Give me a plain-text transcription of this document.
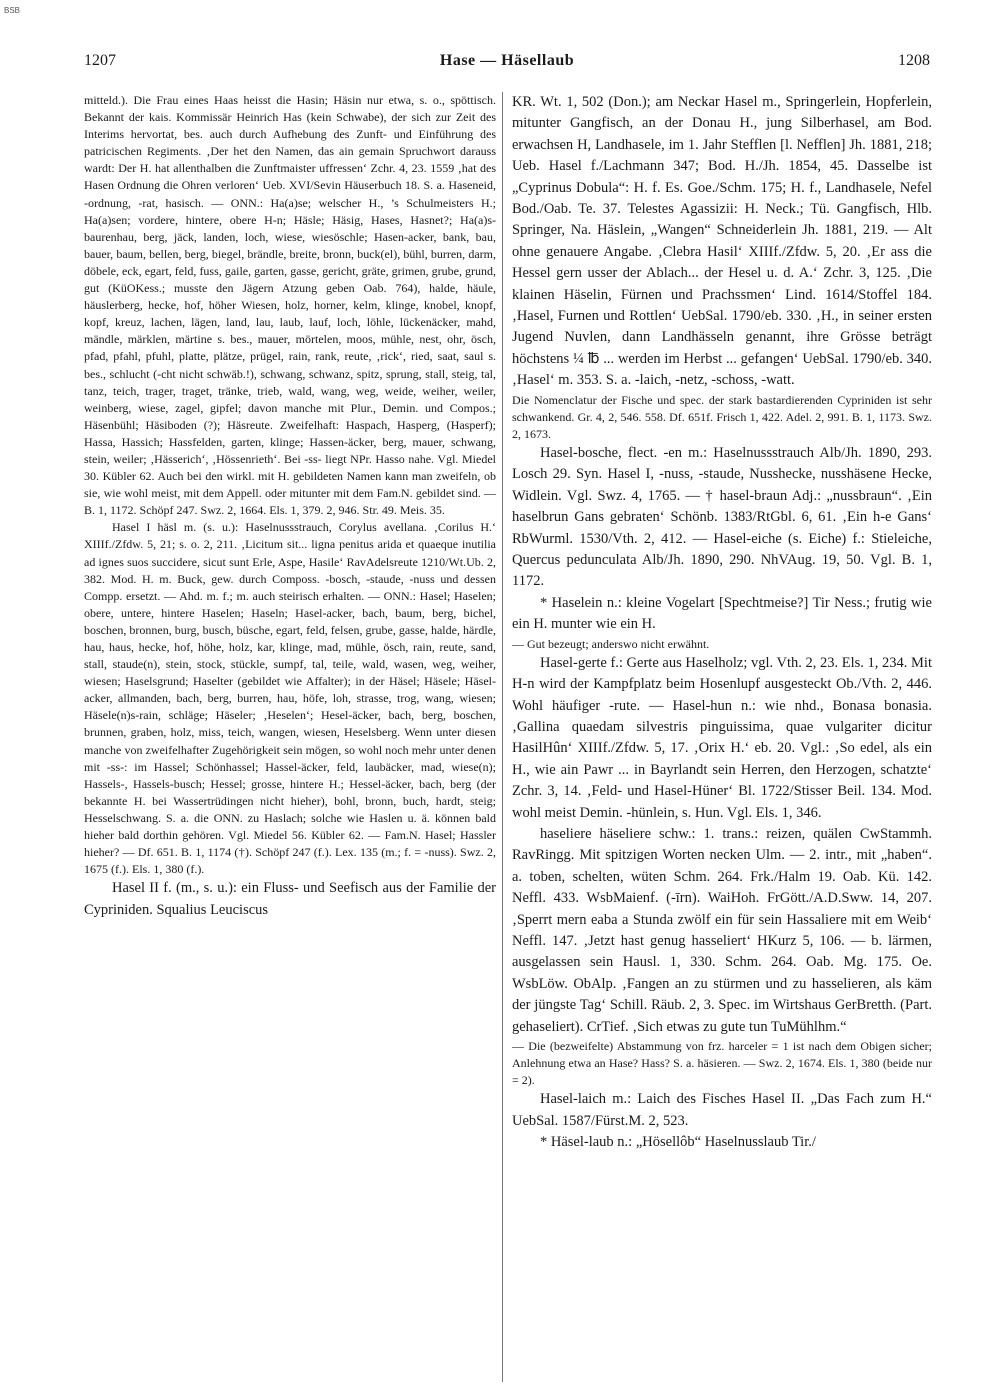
BSB
1207	Hase — Häsellaub	1208

mitteld.). Die Frau eines Haas heisst die Hasin; Häsin nur etwa, s. o., spöttisch. Bekannt der kais. Kommissär Heinrich Has (kein Schwabe), der sich zur Zeit des Interims hervortat, bes. auch durch Aufhebung des Zunft- und Einführung des patricischen Regiments. ‚Der het den Namen, das ain gemain Spruchwort darauss wardt: Der H. hat allenthalben die Zunftmaister uffressen‘ Zchr. 4, 23. 1559 ‚hat des Hasen Ordnung die Ohren verloren‘ Ueb. XVI/Sevin Häuserbuch 18. S. a. Haseneid, -ordnung, -rat, hasisch. — ONN.: Ha(a)se; welscher H., ’s Schulmeisters H.; Ha(a)sen; vordere, hintere, obere H-n; Häsle; Häsig, Hases, Hasnet?; Ha(a)s-baurenhau, berg, jäck, landen, loch, wiese, wiesöschle; Hasen-acker, bank, bau, bauer, baum, bellen, berg, biegel, brändle, breite, bronn, buck(el), bühl, burren, darm, döbele, eck, egart, feld, fuss, gaile, garten, gasse, gericht, gräte, grimen, grube, grund, gut (KüOKess.; musste den Jägern Atzung geben Oab. 764), halde, häule, häuslerberg, hecke, hof, höher Wiesen, holz, horner, kelm, klinge, knobel, knopf, kopf, kreuz, lachen, lägen, land, lau, laub, lauf, loch, löhle, lückenäcker, mahd, mändle, märklen, märtine s. bes., mauer, mörtelen, moos, mühle, nest, ohr, ösch, pfad, pfahl, pfuhl, platte, plätze, prügel, rain, rank, reute, ‚rick‘, ried, saat, saul s. bes., schlucht (-cht nicht schwäb.!), schwang, schwanz, spitz, sprung, stall, steig, tal, tanz, teich, trager, traget, tränke, trieb, wald, wang, weg, weide, weiher, weiler, weinberg, wiese, zagel, gipfel; davon manche mit Plur., Demin. und Compos.; Häsenbühl; Häsiboden (?); Häsreute. Zweifelhaft: Haspach, Hasperg, (Hasperf); Hassa, Hassich; Hassfelden, garten, klinge; Hassen-äcker, berg, mauer, schwang, stein, weiler; ‚Hässerich‘, ‚Hössenrieth‘. Bei -ss- liegt NPr. Hasso nahe. Vgl. Miedel 30. Kübler 62. Auch bei den wirkl. mit H. gebildeten Namen kann man zweifeln, ob sie, wie wohl meist, mit dem Appell. oder mitunter mit dem Fam.N. gebildet sind. — B. 1, 1172. Schöpf 247. Swz. 2, 1664. Els. 1, 379. 2, 946. Str. 49. Meis. 35.

Hasel I häsl m. (s. u.): Haselnussstrauch, Corylus avellana. ‚Corilus H.‘ XIIIf./Zfdw. 5, 21; s. o. 2, 211. ‚Licitum sit... ligna penitus arida et quaeque inutilia ad ignes suos succidere, sicut sunt Erle, Aspe, Hasile‘ RavAdelsreute 1210/Wt.Ub. 2, 382. Mod. H. m. Buck, gew. durch Composs. -bosch, -staude, -nuss und dessen Compp. ersetzt. — Ahd. m. f.; m. auch steirisch erhalten. — ONN.: Hasel; Haselen; obere, untere, hintere Haselen; Haseln; Hasel-acker, bach, baum, berg, bichel, boschen, bronnen, burg, busch, büsche, egart, feld, felsen, grube, gasse, halde, härdle, hau, haus, hecke, hof, höhe, holz, kar, klinge, mad, mühle, ösch, rain, reute, sand, stall, staude(n), stein, stock, stückle, sumpf, tal, teile, wald, wasen, weg, weiher, wiesen; Haselsgrund; Haselter (gebildet wie Affalter); in der Häsel; Häsele; Häsel-acker, allmanden, bach, berg, burren, hau, höfe, loh, strasse, trog, wang, wiesen; Häsele(n)s-rain, schläge; Häseler; ‚Heselen‘; Hesel-äcker, bach, berg, boschen, brunnen, graben, holz, miss, teich, wangen, wiesen, Heselsberg. Wenn unter diesen manche von zweifelhafter Zugehörigkeit sein mögen, so wohl noch mehr unter denen mit -ss-: im Hassel; Schönhassel; Hassel-äcker, feld, laubäcker, mad, wiese(n); Hassels-, Hassels-busch; Hessel; grosse, hintere H.; Hessel-äcker, bach, berg (der bekannte H. bei Wassertrüdingen nicht hieher), bohl, bronn, buch, hardt, steig; Hesselschwang. S. a. die ONN. zu Haslach; solche wie Haslen u. ä. können bald hieher bald dorthin gehören. Vgl. Miedel 56. Kübler 62. — Fam.N. Hasel; Hassler hieher? — Df. 651. B. 1, 1174 (†). Schöpf 247 (f.). Lex. 135 (m.; f. = -nuss). Swz. 2, 1675 (f.). Els. 1, 380 (f.).

Hasel II f. (m., s. u.): ein Fluss- und Seefisch aus der Familie der Cypriniden. Squalius Leuciscus

KR. Wt. 1, 502 (Don.); am Neckar Hasel m., Springerlein, Hopferlein, mitunter Gangfisch, an der Donau H., jung Silberhasel, am Bod. erwachsen H, Landhasele, im 1. Jahr Stefflen [l. Nefflen] Jh. 1881, 218; Ueb. Hasel f./Lachmann 347; Bod. H./Jh. 1854, 45. Dasselbe ist „Cyprinus Dobula“: H. f. Es. Goe./Schm. 175; H. f., Landhasele, Nefel Bod./Oab. Te. 37. Telestes Agassizii: H. Neck.; Tü. Gangfisch, Hlb. Springer, Na. Häslein, „Wangen“ Schneiderlein Jh. 1881, 219. — Alt ohne genauere Angabe. ‚Clebra Hasil‘ XIIIf./Zfdw. 5, 20. ‚Er ass die Hessel gern usser der Ablach... der Hesel u. d. A.‘ Zchr. 3, 125. ‚Die klainen Häselin, Fürnen und Prachssmen‘ Lind. 1614/Stoffel 184. ‚Hasel, Furnen und Rottlen‘ UebSal. 1790/eb. 330. ‚H., in seiner ersten Jugend Nuvlen, dann Landhässeln genannt, ihre Grösse beträgt höchstens ¼ ℔ ... werden im Herbst ... gefangen‘ UebSal. 1790/eb. 340. ‚Hasel‘ m. 353. S. a. -laich, -netz, -schoss, -watt.

Die Nomenclatur der Fische und spec. der stark bastardierenden Cypriniden ist sehr schwankend. Gr. 4, 2, 546. 558. Df. 651f. Frisch 1, 422. Adel. 2, 991. B. 1, 1173. Swz. 2, 1673.

Hasel-bosche, flect. -en m.: Haselnussstrauch Alb/Jh. 1890, 293. Losch 29. Syn. Hasel I, -nuss, -staude, Nusshecke, nusshäsene Hecke, Widlein. Vgl. Swz. 4, 1765. — † hasel-braun Adj.: „nussbraun“. ‚Ein haselbrun Gans gebraten‘ Schönb. 1383/RtGbl. 6, 61. ‚Ein h-e Gans‘ RbWurml. 1530/Vth. 2, 412. — Hasel-eiche (s. Eiche) f.: Stieleiche, Quercus pedunculata Alb/Jh. 1890, 290. NhVAug. 19, 50. Vgl. B. 1, 1172.

* Haselein n.: kleine Vogelart [Spechtmeise?] Tir Ness.; frutig wie ein H. munter wie ein H.

— Gut bezeugt; anderswo nicht erwähnt.

Hasel-gerte f.: Gerte aus Haselholz; vgl. Vth. 2, 23. Els. 1, 234. Mit H-n wird der Kampfplatz beim Hosenlupf ausgesteckt Ob./Vth. 2, 446. Wohl häufiger -rute. — Hasel-hun n.: wie nhd., Bonasa bonasia. ‚Gallina quaedam silvestris pinguissima, quae vulgariter dicitur HasilHûn‘ XIIIf./Zfdw. 5, 17. ‚Orix H.‘ eb. 20. Vgl.: ‚So edel, als ein H., wie ain Pawr ... in Bayrlandt sein Herren, den Herzogen, schatzte‘ Zchr. 3, 14. ‚Feld- und Hasel-Hüner‘ Bl. 1722/Stisser Beil. 134. Mod. wohl meist Demin. -hünlein, s. Hun. Vgl. Els. 1, 346.

haseliere häseliere schw.: 1. trans.: reizen, quälen CwStammh. RavRingg. Mit spitzigen Worten necken Ulm. — 2. intr., mit „haben“. a. toben, schelten, wüten Schm. 264. Frk./Halm 19. Oab. Kü. 142. Neffl. 433. WsbMaienf. (-īrn). WaiHoh. FrGött./A.D.Sww. 14, 207. ‚Sperrt mern eaba a Stunda zwölf ein für sein Hassaliere mit em Weib‘ Neffl. 147. ‚Jetzt hast genug hasseliert‘ HKurz 5, 106. — b. lärmen, ausgelassen sein Hausl. 1, 330. Schm. 264. Oab. Mg. 175. Oe. WsbLöw. ObAlp. ‚Fangen an zu stürmen und zu hasselieren, als käm der jüngste Tag‘ Schill. Räub. 2, 3. Spec. im Wirtshaus GerBretth. (Part. gehaseliert). CrTief. ‚Sich etwas zu gute tun TuMühlhm.“

— Die (bezweifelte) Abstammung von frz. harceler = 1 ist nach dem Obigen sicher; Anlehnung etwa an Hase? Hass? S. a. häsieren. — Swz. 2, 1674. Els. 1, 380 (beide nur = 2).

Hasel-laich m.: Laich des Fisches Hasel II. „Das Fach zum H.“ UebSal. 1587/Fürst.M. 2, 523.

* Häsel-laub n.: „Hösellôb“ Haselnusslaub Tir./
